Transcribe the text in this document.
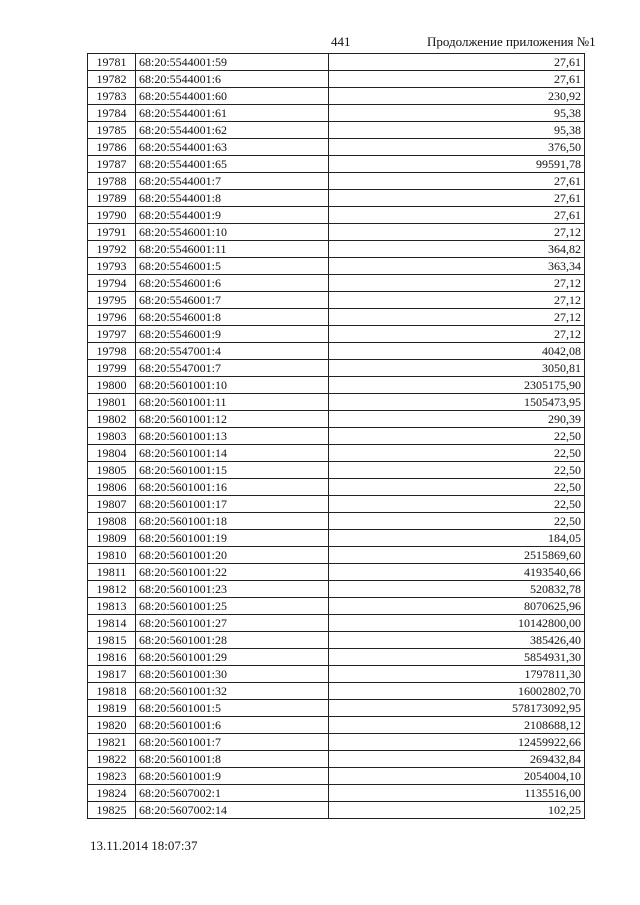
441	Продолжение приложения №1
19781	68:20:5544001:59	27,61
19782	68:20:5544001:6	27,61
19783	68:20:5544001:60	230,92
19784	68:20:5544001:61	95,38
19785	68:20:5544001:62	95,38
19786	68:20:5544001:63	376,50
19787	68:20:5544001:65	99591,78
19788	68:20:5544001:7	27,61
19789	68:20:5544001:8	27,61
19790	68:20:5544001:9	27,61
19791	68:20:5546001:10	27,12
19792	68:20:5546001:11	364,82
19793	68:20:5546001:5	363,34
19794	68:20:5546001:6	27,12
19795	68:20:5546001:7	27,12
19796	68:20:5546001:8	27,12
19797	68:20:5546001:9	27,12
19798	68:20:5547001:4	4042,08
19799	68:20:5547001:7	3050,81
19800	68:20:5601001:10	2305175,90
19801	68:20:5601001:11	1505473,95
19802	68:20:5601001:12	290,39
19803	68:20:5601001:13	22,50
19804	68:20:5601001:14	22,50
19805	68:20:5601001:15	22,50
19806	68:20:5601001:16	22,50
19807	68:20:5601001:17	22,50
19808	68:20:5601001:18	22,50
19809	68:20:5601001:19	184,05
19810	68:20:5601001:20	2515869,60
19811	68:20:5601001:22	4193540,66
19812	68:20:5601001:23	520832,78
19813	68:20:5601001:25	8070625,96
19814	68:20:5601001:27	10142800,00
19815	68:20:5601001:28	385426,40
19816	68:20:5601001:29	5854931,30
19817	68:20:5601001:30	1797811,30
19818	68:20:5601001:32	16002802,70
19819	68:20:5601001:5	578173092,95
19820	68:20:5601001:6	2108688,12
19821	68:20:5601001:7	12459922,66
19822	68:20:5601001:8	269432,84
19823	68:20:5601001:9	2054004,10
19824	68:20:5607002:1	1135516,00
19825	68:20:5607002:14	102,25
13.11.2014 18:07:37
